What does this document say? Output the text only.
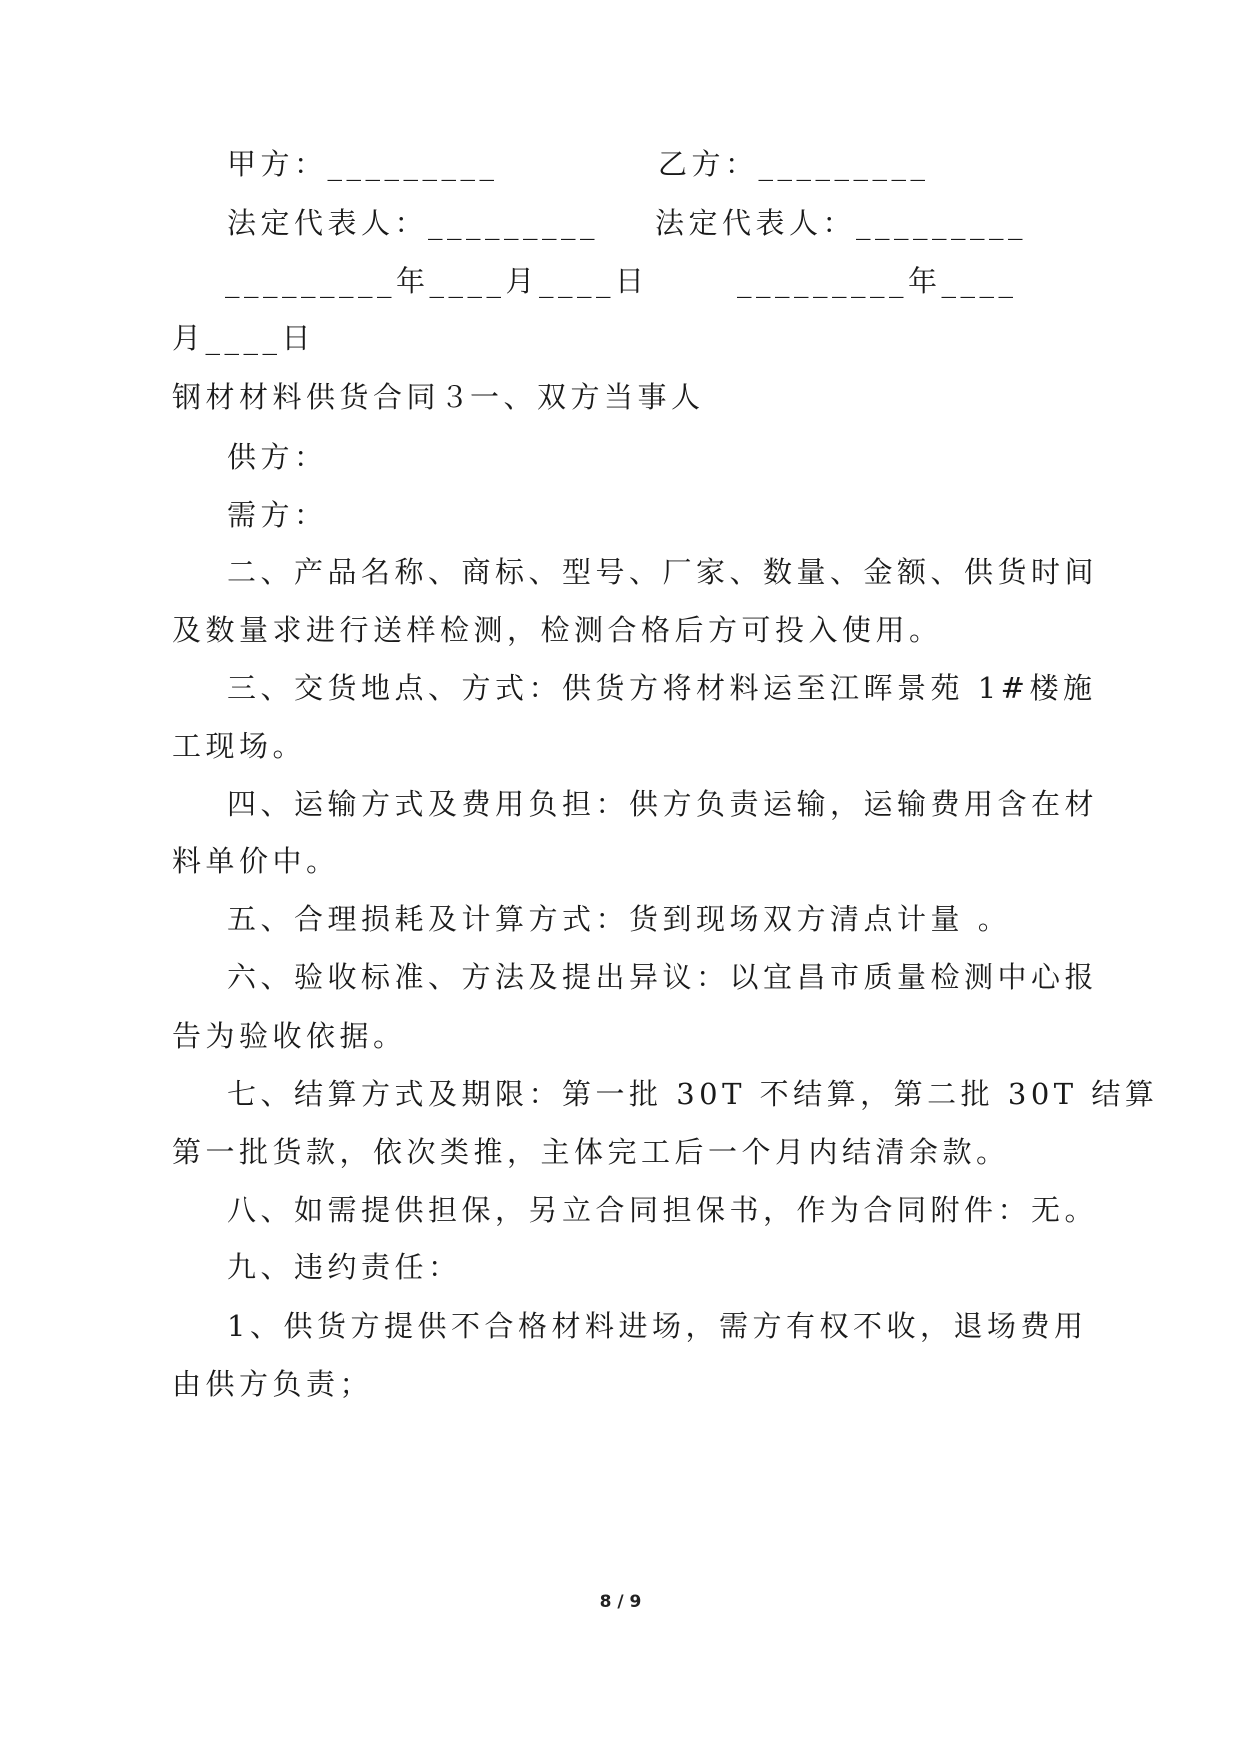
甲方：_________	乙方：_________
法定代表人：_________ 法定代表人：_________
_________年____月____日	_________年____
月____日
钢材材料供货合同３
一、双方当事人
供方：
需方：
二、产品名称、商标、型号、厂家、数量、金额、供货时间
及数量求进行送样检测，检测合格后方可投入使用。
三、交货地点、方式：供货方将材料运至江晖景苑 1#楼施
工现场。
四、运输方式及费用负担：供方负责运输，运输费用含在材
料单价中。
五、合理损耗及计算方式：货到现场双方清点计量 。
六、验收标准、方法及提出异议：以宜昌市质量检测中心报
告为验收依据。
七、结算方式及期限：第一批 30T 不结算，第二批 30T 结算
第一批货款，依次类推，主体完工后一个月内结清余款。
八、如需提供担保，另立合同担保书，作为合同附件：无。
九、违约责任：
1、供货方提供不合格材料进场，需方有权不收，退场费用
由供方负责；
8 / 9
